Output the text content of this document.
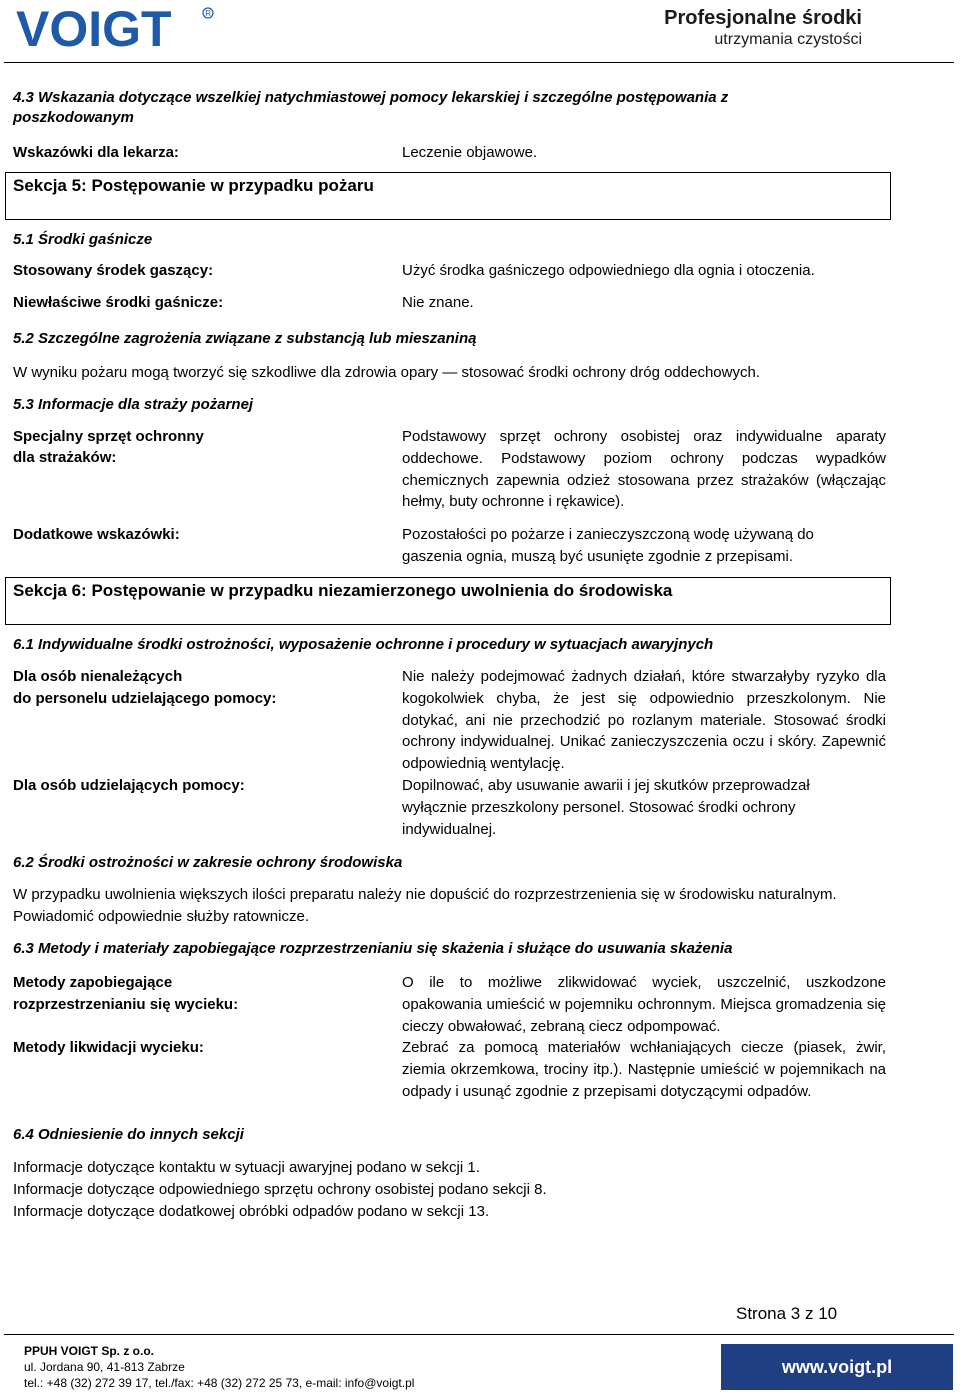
VOIGT	R	Profesjonalne środki
utrzymania czystości
4.3 Wskazania dotyczące wszelkiej natychmiastowej pomocy lekarskiej i szczególne postępowania z
poszkodowanym
Wskazówki dla lekarza:	Leczenie objawowe.
Sekcja 5: Postępowanie w przypadku pożaru
5.1 Środki gaśnicze
Stosowany środek gaszący:	Użyć środka gaśniczego odpowiedniego dla ognia i otoczenia.
Niewłaściwe środki gaśnicze:	Nie znane.
5.2 Szczególne zagrożenia związane z substancją lub mieszaniną
W wyniku pożaru mogą tworzyć się szkodliwe dla zdrowia opary — stosować środki ochrony dróg oddechowych.
5.3 Informacje dla straży pożarnej
Specjalny sprzęt ochronny
dla strażaków:
Podstawowy sprzęt ochrony osobistej oraz indywidualne aparaty oddechowe. Podstawowy poziom ochrony podczas wypadków chemicznych zapewnia odzież stosowana przez strażaków (włączając hełmy, buty ochronne i rękawice).
Dodatkowe wskazówki:	Pozostałości po pożarze i zanieczyszczoną wodę używaną do gaszenia ognia, muszą być usunięte zgodnie z przepisami.
Sekcja 6: Postępowanie w przypadku niezamierzonego uwolnienia do środowiska
6.1 Indywidualne środki ostrożności, wyposażenie ochronne i procedury w sytuacjach awaryjnych
Dla osób nienależących
do personelu udzielającego pomocy:
Nie należy podejmować żadnych działań, które stwarzałyby ryzyko dla kogokolwiek chyba, że jest się odpowiednio przeszkolonym. Nie dotykać, ani nie przechodzić po rozlanym materiale. Stosować środki ochrony indywidualnej. Unikać zanieczyszczenia oczu i skóry. Zapewnić odpowiednią wentylację.
Dla osób udzielających pomocy:	Dopilnować, aby usuwanie awarii i jej skutków przeprowadzał wyłącznie przeszkolony personel. Stosować środki ochrony indywidualnej.
6.2 Środki ostrożności w zakresie ochrony środowiska
W przypadku uwolnienia większych ilości preparatu należy nie dopuścić do rozprzestrzenienia się w środowisku naturalnym. Powiadomić odpowiednie służby ratownicze.
6.3 Metody i materiały zapobiegające rozprzestrzenianiu się skażenia i służące do usuwania skażenia
Metody zapobiegające
rozprzestrzenianiu się wycieku:
O ile to możliwe zlikwidować wyciek, uszczelnić, uszkodzone opakowania umieścić w pojemniku ochronnym. Miejsca gromadzenia się cieczy obwałować, zebraną ciecz odpompować.
Metody likwidacji wycieku:	Zebrać za pomocą materiałów wchłaniających ciecze (piasek, żwir, ziemia okrzemkowa, trociny itp.). Następnie umieścić w pojemnikach na odpady i usunąć zgodnie z przepisami dotyczącymi odpadów.
6.4 Odniesienie do innych sekcji
Informacje dotyczące kontaktu w sytuacji awaryjnej podano w sekcji 1.
Informacje dotyczące odpowiedniego sprzętu ochrony osobistej podano sekcji 8.
Informacje dotyczące dodatkowej obróbki odpadów podano w sekcji 13.
Strona 3 z 10
PPUH VOIGT Sp. z o.o.
ul. Jordana 90, 41-813 Zabrze
tel.: +48 (32) 272 39 17, tel./fax: +48 (32) 272 25 73, e-mail: info@voigt.pl
www.voigt.pl
